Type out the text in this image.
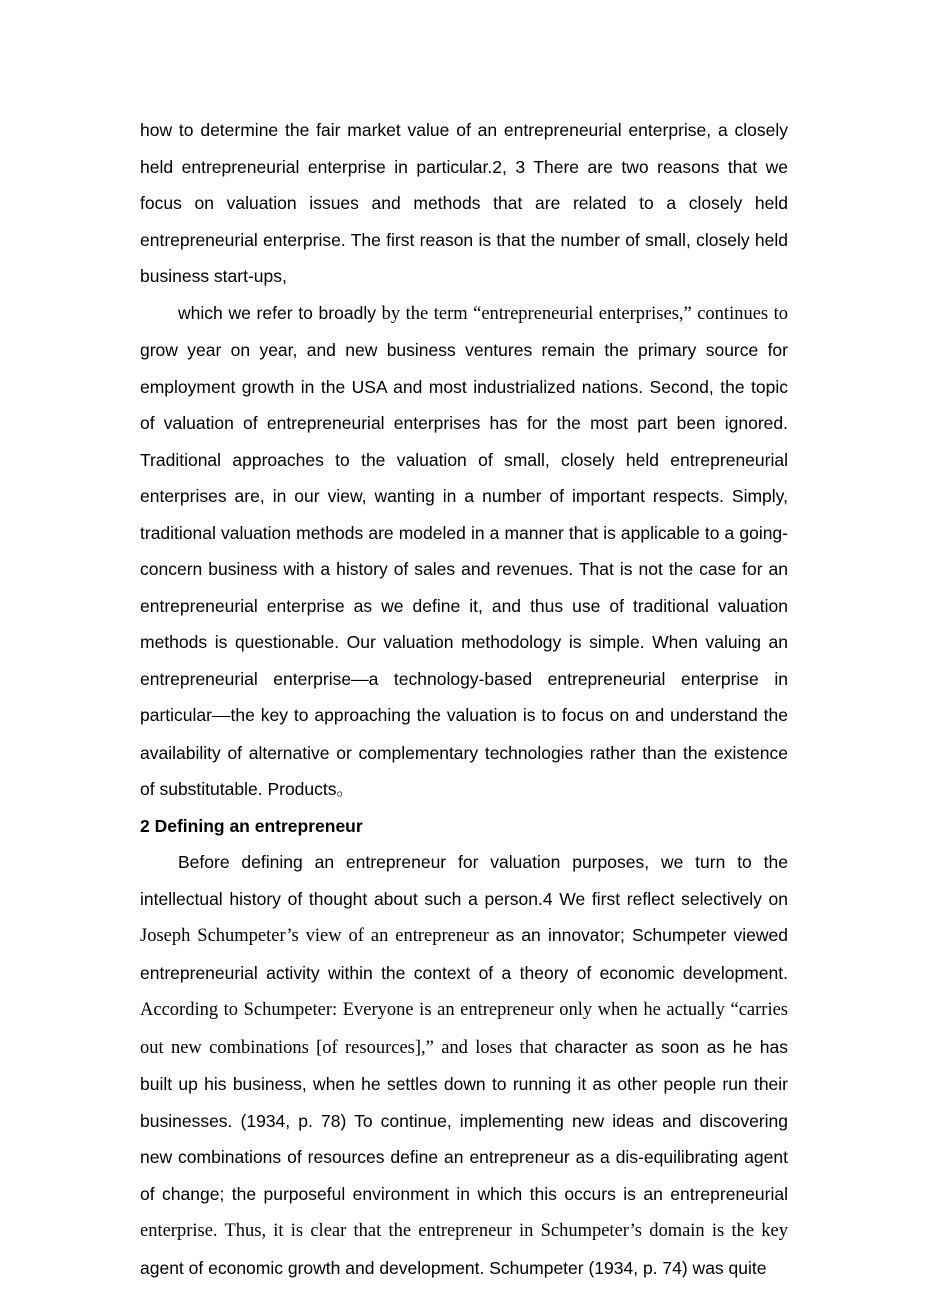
how to determine the fair market value of an entrepreneurial enterprise, a closely held entrepreneurial enterprise in particular.2, 3 There are two reasons that we focus on valuation issues and methods that are related to a closely held entrepreneurial enterprise. The first reason is that the number of small, closely held business start-ups,

which we refer to broadly by the term “entrepreneurial enterprises,” continues to grow year on year, and new business ventures remain the primary source for employment growth in the USA and most industrialized nations. Second, the topic of valuation of entrepreneurial enterprises has for the most part been ignored. Traditional approaches to the valuation of small, closely held entrepreneurial enterprises are, in our view, wanting in a number of important respects. Simply, traditional valuation methods are modeled in a manner that is applicable to a going-concern business with a history of sales and revenues. That is not the case for an entrepreneurial enterprise as we define it, and thus use of traditional valuation methods is questionable. Our valuation methodology is simple. When valuing an entrepreneurial enterprise—a technology-based entrepreneurial enterprise in particular—the key to approaching the valuation is to focus on and understand the availability of alternative or complementary technologies rather than the existence of substitutable. Products。

2 Defining an entrepreneur

Before defining an entrepreneur for valuation purposes, we turn to the intellectual history of thought about such a person.4 We first reflect selectively on Joseph Schumpeter’s view of an entrepreneur as an innovator; Schumpeter viewed entrepreneurial activity within the context of a theory of economic development. According to Schumpeter: Everyone is an entrepreneur only when he actually “carries out new combinations [of resources],” and loses that character as soon as he has built up his business, when he settles down to running it as other people run their businesses. (1934, p. 78) To continue, implementing new ideas and discovering new combinations of resources define an entrepreneur as a dis-equilibrating agent of change; the purposeful environment in which this occurs is an entrepreneurial enterprise. Thus, it is clear that the entrepreneur in Schumpeter’s domain is the key agent of economic growth and development. Schumpeter (1934, p. 74) was quite
